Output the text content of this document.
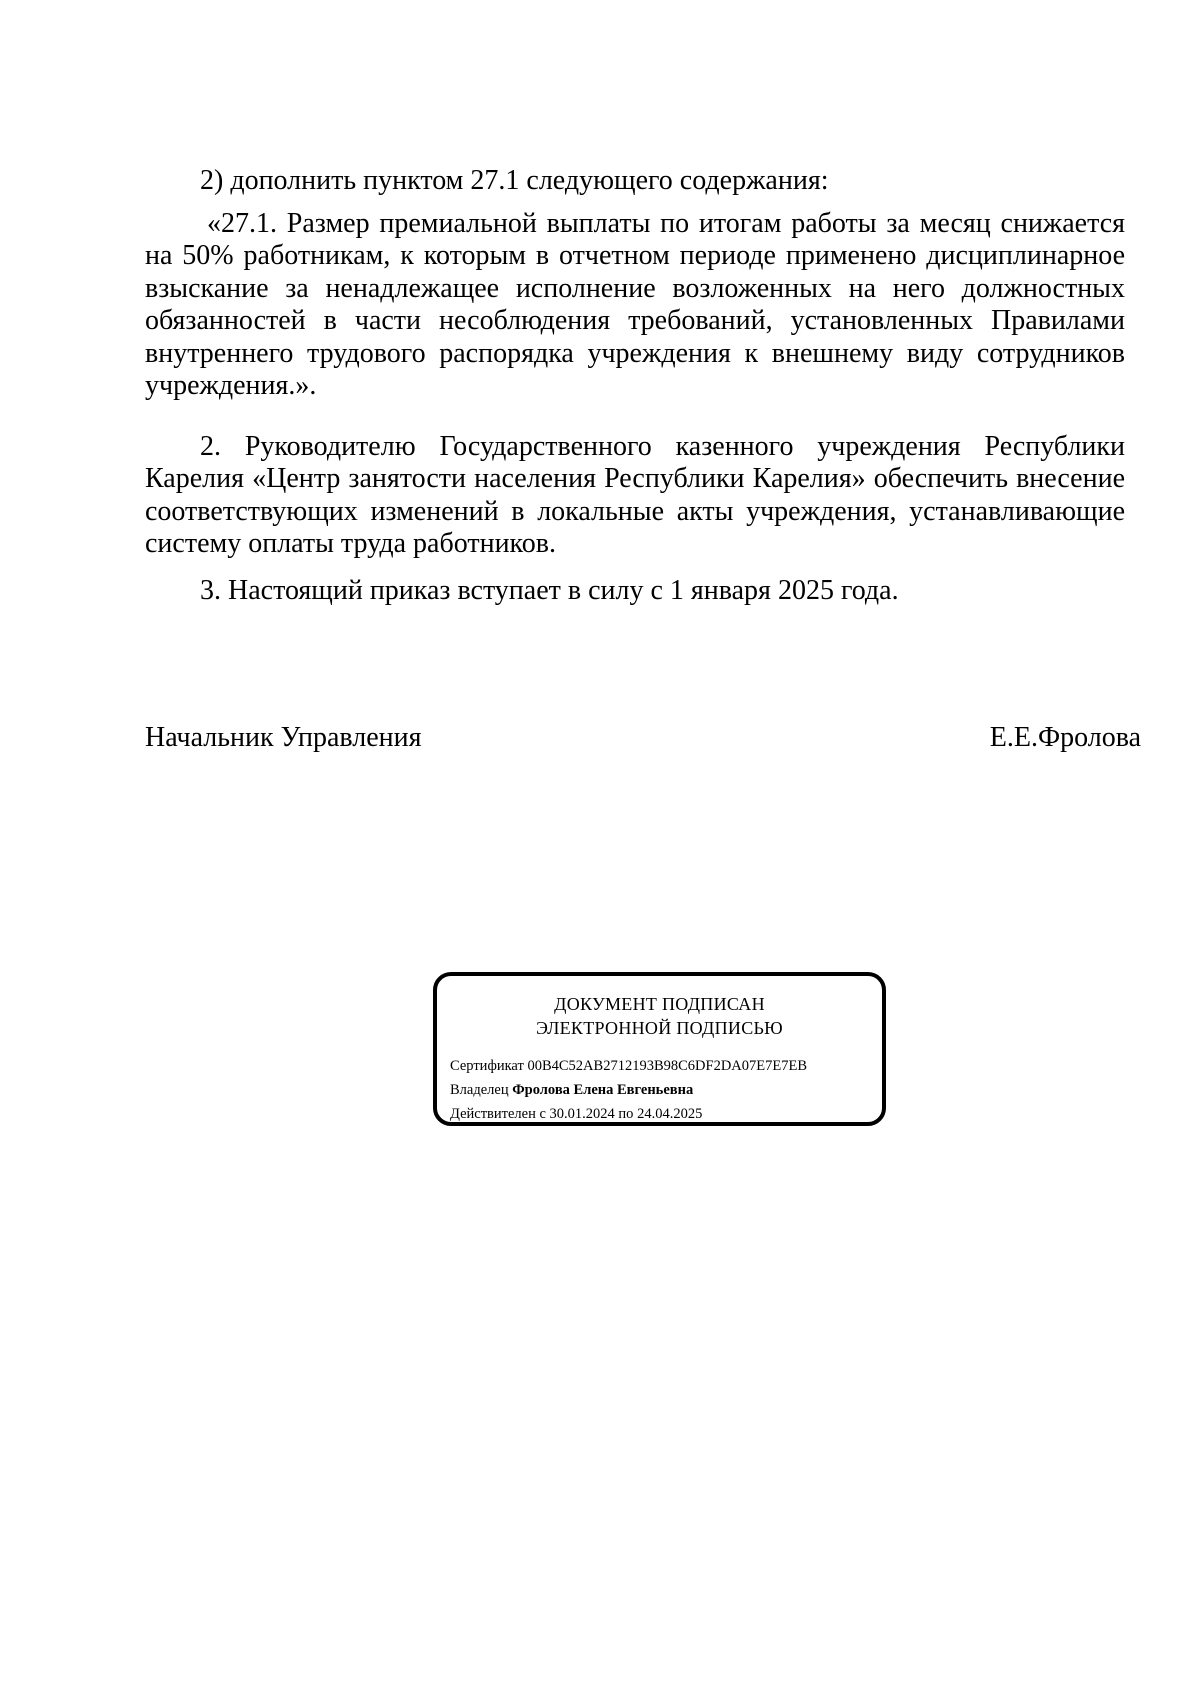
2) дополнить пунктом 27.1 следующего содержания:

«27.1. Размер премиальной выплаты по итогам работы за месяц снижается на 50% работникам, к которым в отчетном периоде применено дисциплинарное взыскание за ненадлежащее исполнение возложенных на него должностных обязанностей в части несоблюдения требований, установленных Правилами внутреннего трудового распорядка учреждения к внешнему виду сотрудников учреждения.».

2. Руководителю Государственного казенного учреждения Республики Карелия «Центр занятости населения Республики Карелия» обеспечить внесение соответствующих изменений в локальные акты учреждения, устанавливающие систему оплаты труда работников.

3. Настоящий приказ вступает в силу с 1 января 2025 года.

Начальник Управления	Е.Е.Фролова
ДОКУМЕНТ ПОДПИСАН
ЭЛЕКТРОННОЙ ПОДПИСЬЮ
Сертификат 00B4C52AB2712193B98C6DF2DA07E7E7EB
Владелец Фролова Елена Евгеньевна
Действителен с 30.01.2024 по 24.04.2025
